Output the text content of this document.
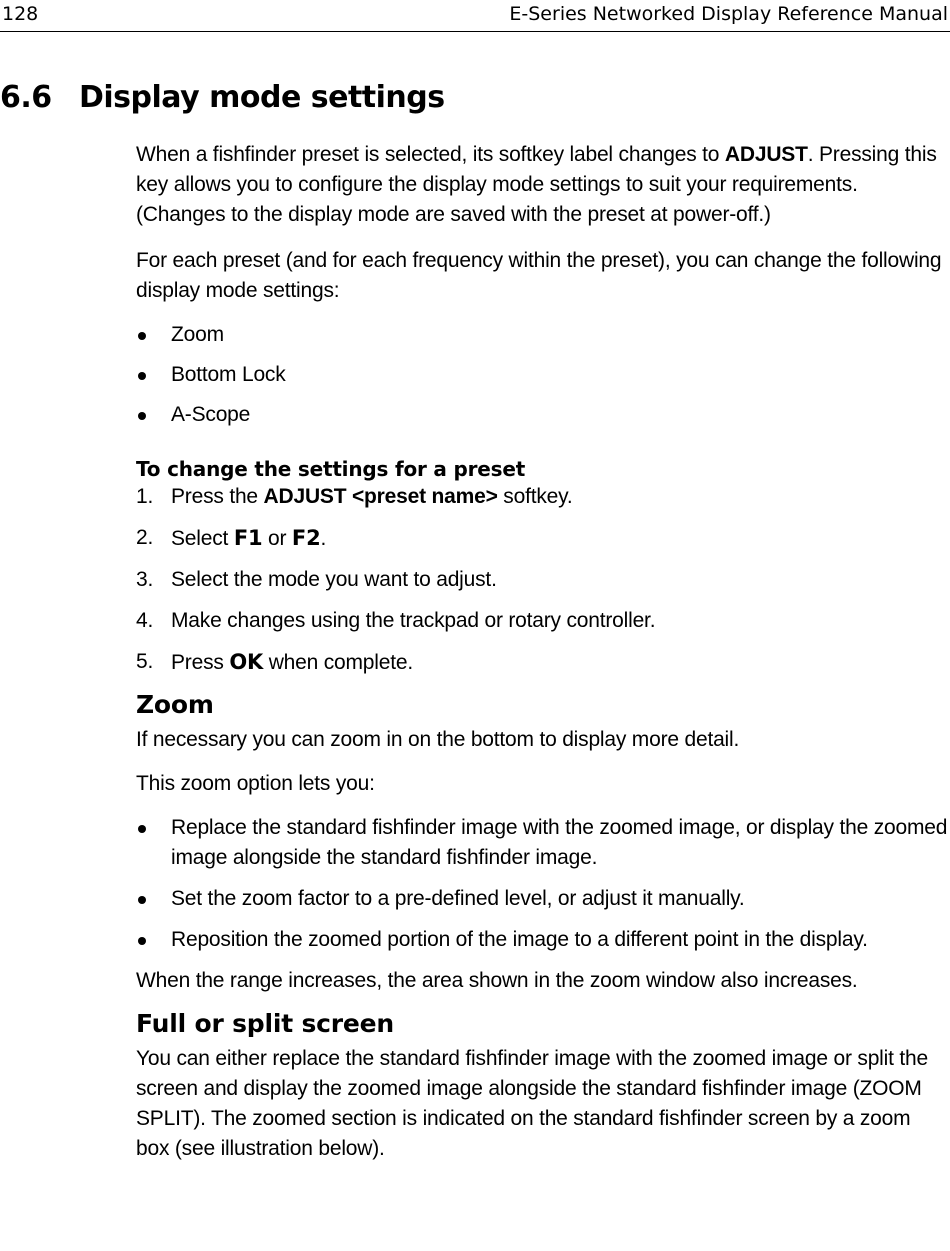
128	E-Series Networked Display Reference Manual
6.6 Display mode settings

When a fishfinder preset is selected, its softkey label changes to ADJUST. Pressing this key allows you to configure the display mode settings to suit your requirements. (Changes to the display mode are saved with the preset at power-off.)

For each preset (and for each frequency within the preset), you can change the following display mode settings:

Zoom
Bottom Lock
A-Scope
To change the settings for a preset
1. Press the ADJUST <preset name> softkey.
2. Select F1 or F2.
3. Select the mode you want to adjust.
4. Make changes using the trackpad or rotary controller.
5. Press OK when complete.
Zoom

If necessary you can zoom in on the bottom to display more detail.

This zoom option lets you:

Replace the standard fishfinder image with the zoomed image, or display the zoomed image alongside the standard fishfinder image.
Set the zoom factor to a pre-defined level, or adjust it manually.
Reposition the zoomed portion of the image to a different point in the display.

When the range increases, the area shown in the zoom window also increases.

Full or split screen

You can either replace the standard fishfinder image with the zoomed image or split the screen and display the zoomed image alongside the standard fishfinder image (ZOOM SPLIT). The zoomed section is indicated on the standard fishfinder screen by a zoom box (see illustration below).
